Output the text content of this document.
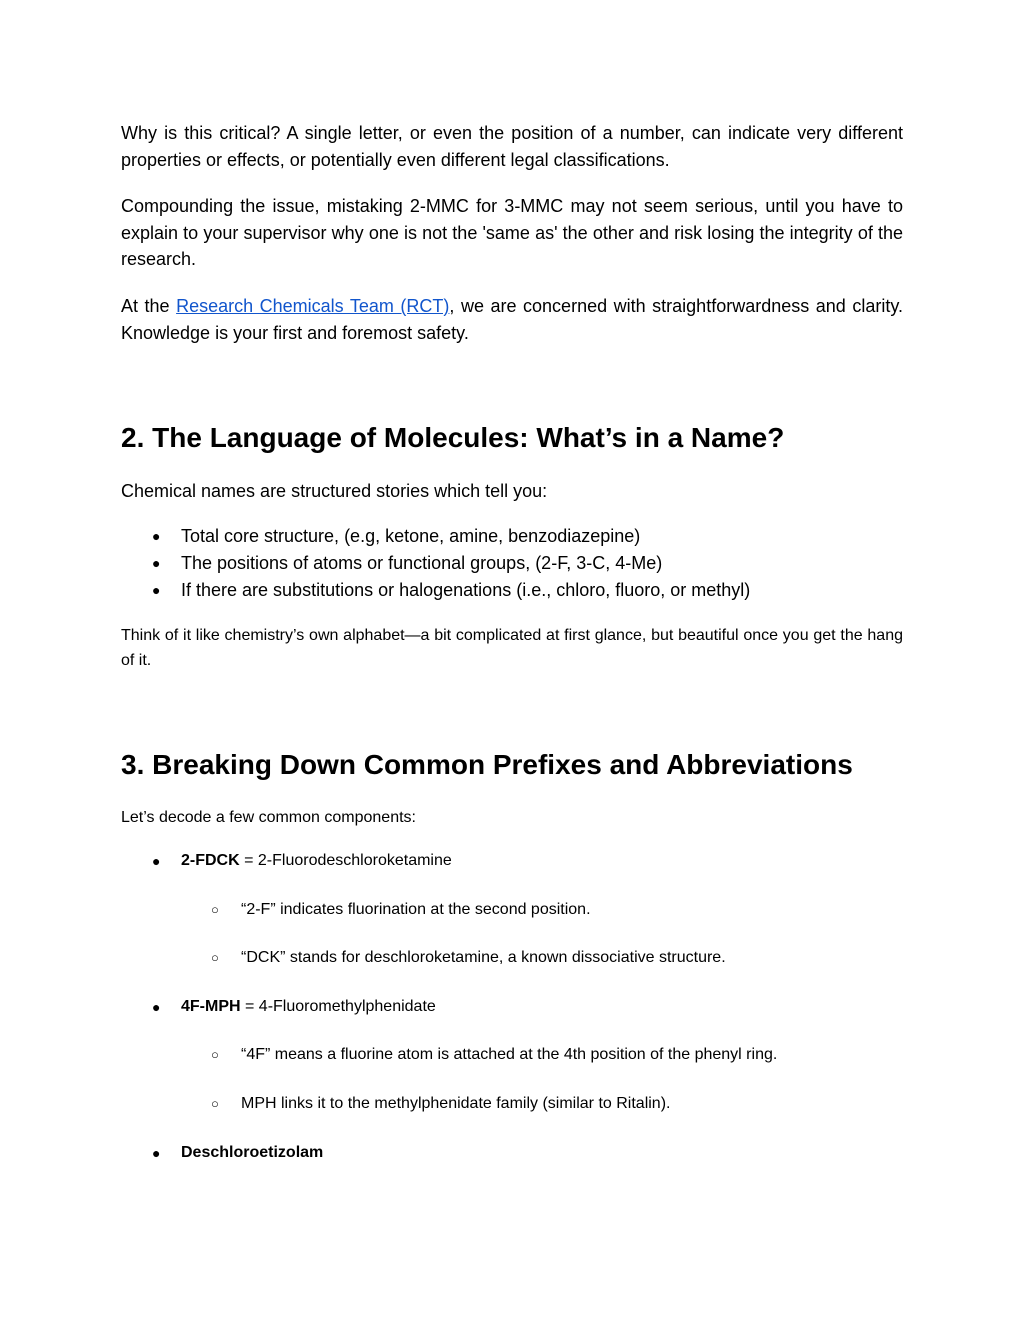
Why is this critical? A single letter, or even the position of a number, can indicate very different properties or effects, or potentially even different legal classifications.

Compounding the issue, mistaking 2-MMC for 3-MMC may not seem serious, until you have to explain to your supervisor why one is not the 'same as' the other and risk losing the integrity of the research.

At the Research Chemicals Team (RCT), we are concerned with straightforwardness and clarity. Knowledge is your first and foremost safety.

2. The Language of Molecules: What’s in a Name?

Chemical names are structured stories which tell you:

● Total core structure, (e.g, ketone, amine, benzodiazepine)
● The positions of atoms or functional groups, (2-F, 3-C, 4-Me)
● If there are substitutions or halogenations (i.e., chloro, fluoro, or methyl)

Think of it like chemistry’s own alphabet—a bit complicated at first glance, but beautiful once you get the hang of it.

3. Breaking Down Common Prefixes and Abbreviations

Let’s decode a few common components:

● 2-FDCK = 2-Fluorodeschloroketamine
○ “2-F” indicates fluorination at the second position.
○ “DCK” stands for deschloroketamine, a known dissociative structure.
● 4F-MPH = 4-Fluoromethylphenidate
○ “4F” means a fluorine atom is attached at the 4th position of the phenyl ring.
○ MPH links it to the methylphenidate family (similar to Ritalin).
● Deschloroetizolam
